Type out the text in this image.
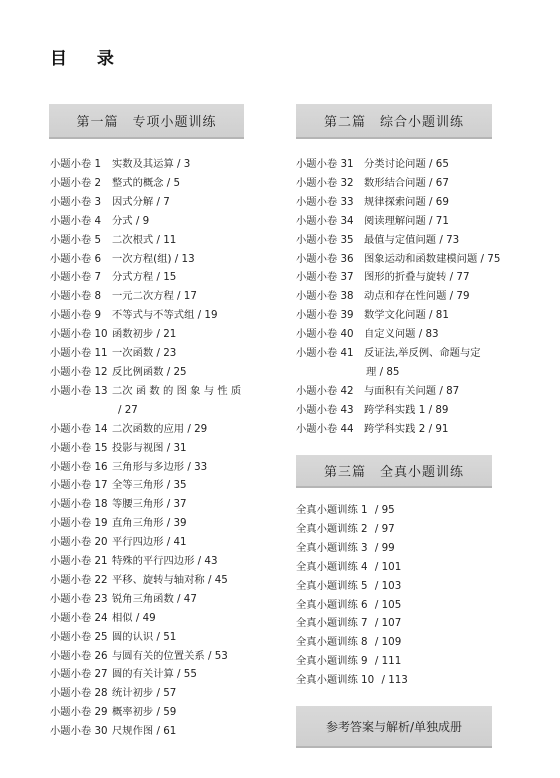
目 录
第一篇　专项小题训练	第二篇　综合小题训练
第三篇　全真小题训练
参考答案与解析/单独成册
小题小卷 1 实数及其运算 / 3
小题小卷 2 整式的概念 / 5
小题小卷 3 因式分解 / 7
小题小卷 4 分式 / 9
小题小卷 5 二次根式 / 11
小题小卷 6 一次方程(组) / 13
小题小卷 7 分式方程 / 15
小题小卷 8 一元二次方程 / 17
小题小卷 9 不等式与不等式组 / 19
小题小卷 10 函数初步 / 21
小题小卷 11 一次函数 / 23
小题小卷 12 反比例函数 / 25
小题小卷 13 二次 函 数 的 图 象 与 性 质
/ 27
小题小卷 14 二次函数的应用 / 29
小题小卷 15 投影与视图 / 31
小题小卷 16 三角形与多边形 / 33
小题小卷 17 全等三角形 / 35
小题小卷 18 等腰三角形 / 37
小题小卷 19 直角三角形 / 39
小题小卷 20 平行四边形 / 41
小题小卷 21 特殊的平行四边形 / 43
小题小卷 22 平移、旋转与轴对称 / 45
小题小卷 23 锐角三角函数 / 47
小题小卷 24 相似 / 49
小题小卷 25 圆的认识 / 51
小题小卷 26 与圆有关的位置关系 / 53
小题小卷 27 圆的有关计算 / 55
小题小卷 28 统计初步 / 57
小题小卷 29 概率初步 / 59
小题小卷 30 尺规作图 / 61
小题小卷 31 分类讨论问题 / 65
小题小卷 32 数形结合问题 / 67
小题小卷 33 规律探索问题 / 69
小题小卷 34 阅读理解问题 / 71
小题小卷 35 最值与定值问题 / 73
小题小卷 36 图象运动和函数建模问题 / 75
小题小卷 37 图形的折叠与旋转 / 77
小题小卷 38 动点和存在性问题 / 79
小题小卷 39 数学文化问题 / 81
小题小卷 40 自定义问题 / 83
小题小卷 41 反证法,举反例、命题与定
理 / 85
小题小卷 42 与面积有关问题 / 87
小题小卷 43 跨学科实践 1 / 89
小题小卷 44 跨学科实践 2 / 91
全真小题训练 1 / 95
全真小题训练 2 / 97
全真小题训练 3 / 99
全真小题训练 4 / 101
全真小题训练 5 / 103
全真小题训练 6 / 105
全真小题训练 7 / 107
全真小题训练 8 / 109
全真小题训练 9 / 111
全真小题训练 10 / 113
